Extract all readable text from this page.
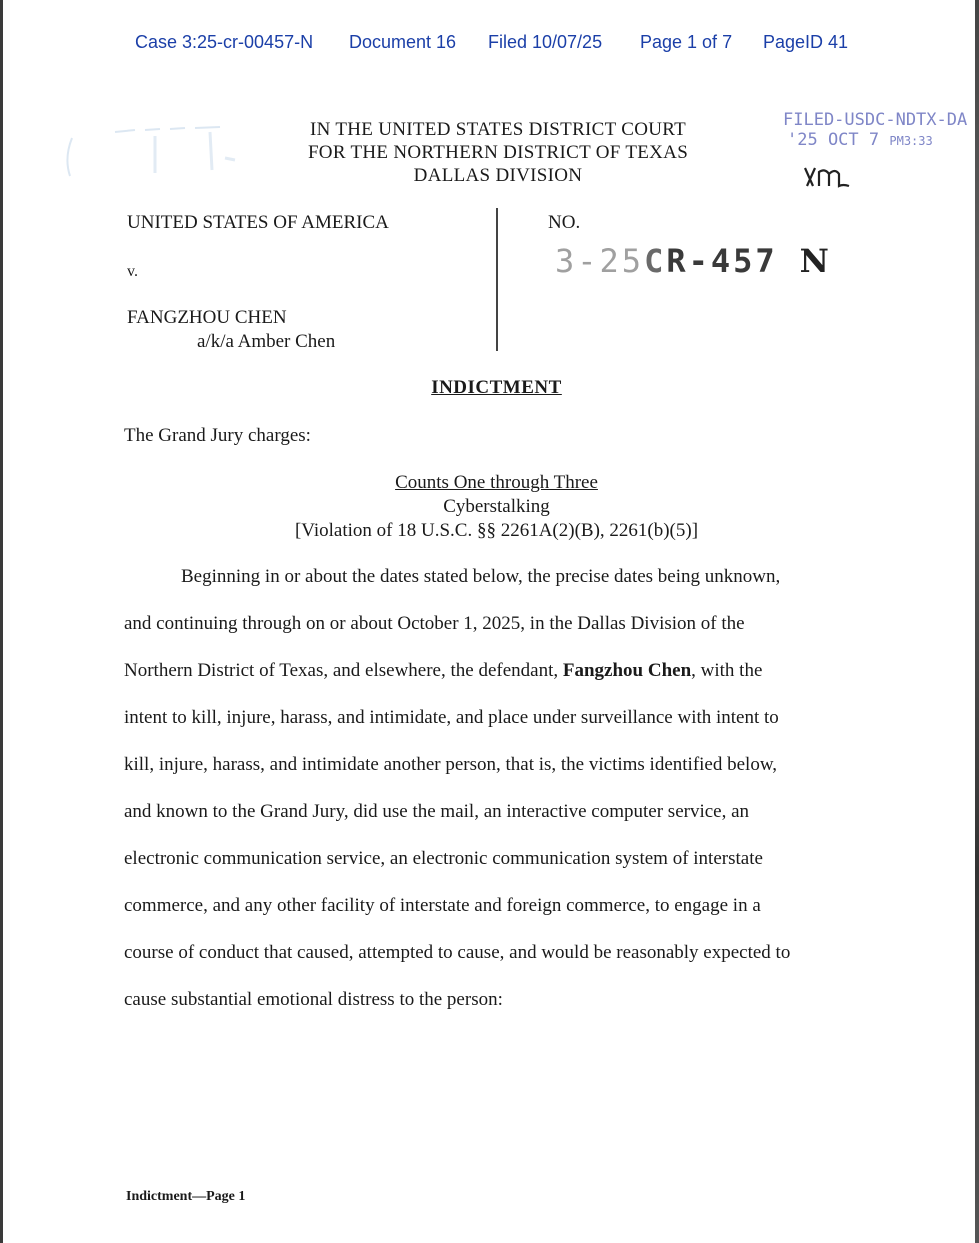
Case 3:25-cr-00457-N Document 16 Filed 10/07/25 Page 1 of 7 PageID 41
IN THE UNITED STATES DISTRICT COURT
FOR THE NORTHERN DISTRICT OF TEXAS
DALLAS DIVISION
FILED-USDC-NDTX-DA
'25 OCT 7 PM3:33
UNITED STATES OF AMERICA
v.
FANGZHOU CHEN
a/k/a Amber Chen
NO.
3-25CR-457 N
INDICTMENT
The Grand Jury charges:
Counts One through Three
Cyberstalking
[Violation of 18 U.S.C. §§ 2261A(2)(B), 2261(b)(5)]
Beginning in or about the dates stated below, the precise dates being unknown,
and continuing through on or about October 1, 2025, in the Dallas Division of the
Northern District of Texas, and elsewhere, the defendant, Fangzhou Chen, with the
intent to kill, injure, harass, and intimidate, and place under surveillance with intent to
kill, injure, harass, and intimidate another person, that is, the victims identified below,
and known to the Grand Jury, did use the mail, an interactive computer service, an
electronic communication service, an electronic communication system of interstate
commerce, and any other facility of interstate and foreign commerce, to engage in a
course of conduct that caused, attempted to cause, and would be reasonably expected to
cause substantial emotional distress to the person:
Indictment—Page 1
